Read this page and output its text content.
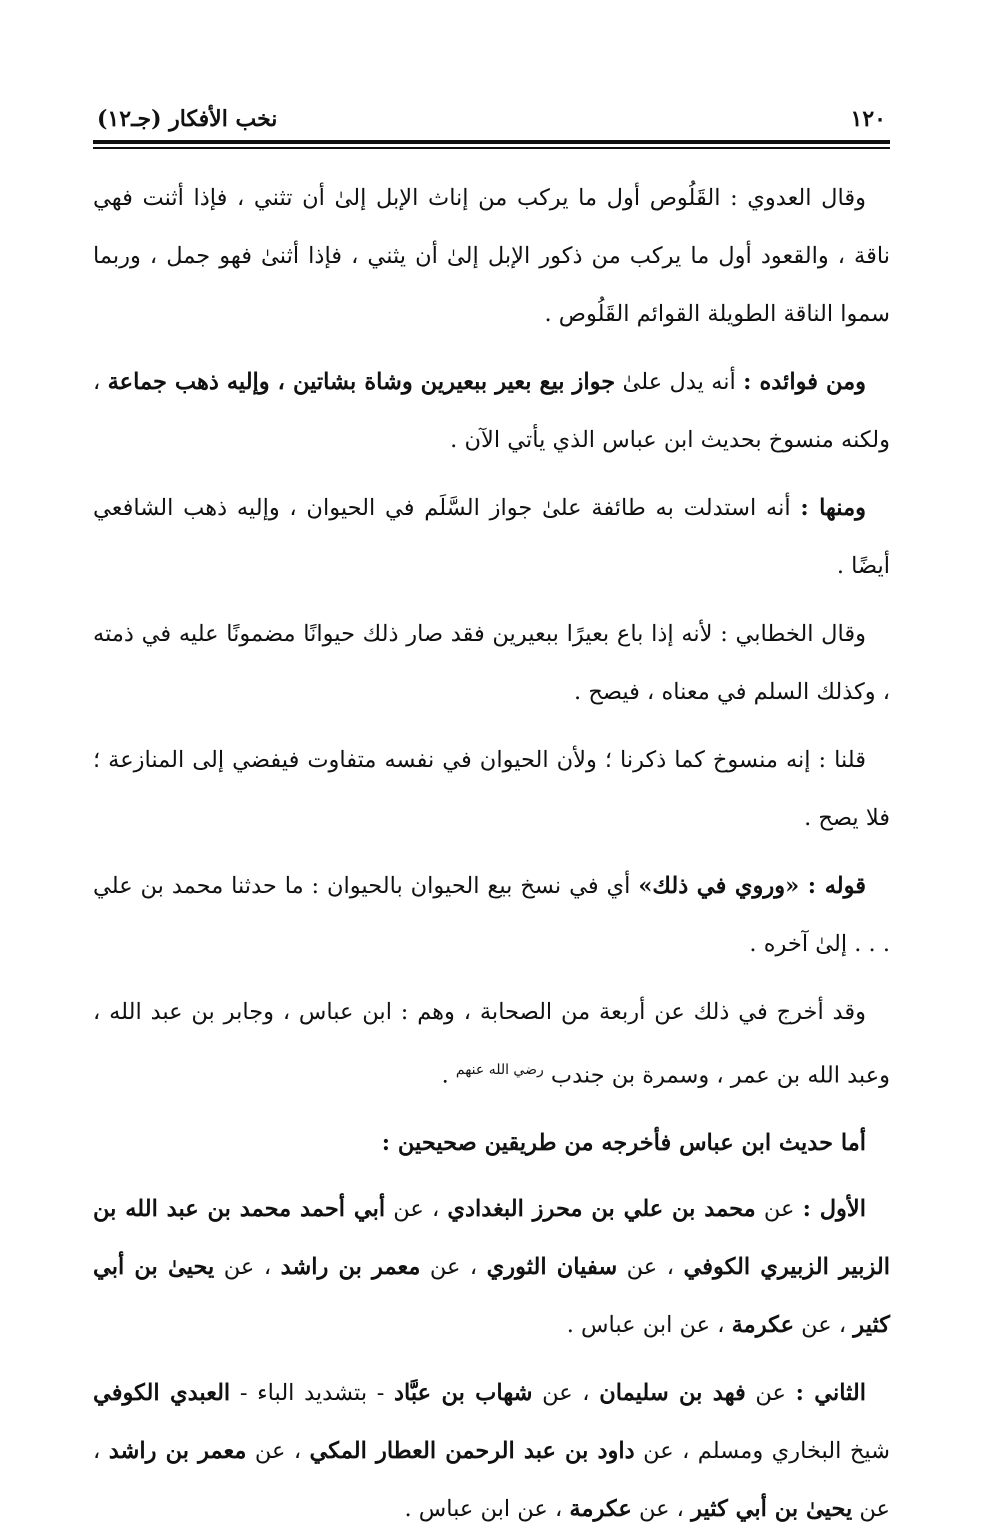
١٢٠
نخب الأفكار (جـ١٢)

وقال العدوي : القَلُوص أول ما يركب من إناث الإبل إلىٰ أن تثني ، فإذا أثنت فهي ناقة ، والقعود أول ما يركب من ذكور الإبل إلىٰ أن يثني ، فإذا أثنىٰ فهو جمل ، وربما سموا الناقة الطويلة القوائم القَلُوص .

ومن فوائده : أنه يدل علىٰ جواز بيع بعير ببعيرين وشاة بشاتين ، وإليه ذهب جماعة ، ولكنه منسوخ بحديث ابن عباس الذي يأتي الآن .

ومنها : أنه استدلت به طائفة علىٰ جواز السَّلَم في الحيوان ، وإليه ذهب الشافعي أيضًا .

وقال الخطابي : لأنه إذا باع بعيرًا ببعيرين فقد صار ذلك حيوانًا مضمونًا عليه في ذمته ، وكذلك السلم في معناه ، فيصح .

قلنا : إنه منسوخ كما ذكرنا ؛ ولأن الحيوان في نفسه متفاوت فيفضي إلى المنازعة ؛ فلا يصح .

قوله : «وروي في ذلك» أي في نسخ بيع الحيوان بالحيوان : ما حدثنا محمد بن علي . . . إلىٰ آخره .

وقد أخرج في ذلك عن أربعة من الصحابة ، وهم : ابن عباس ، وجابر بن عبد الله ، وعبد الله بن عمر ، وسمرة بن جندب $^{رضي الله عنهم}$ .

أما حديث ابن عباس فأخرجه من طريقين صحيحين :

الأول : عن محمد بن علي بن محرز البغدادي ، عن أبي أحمد محمد بن عبد الله بن الزبير الزبيري الكوفي ، عن سفيان الثوري ، عن معمر بن راشد ، عن يحيىٰ بن أبي كثير ، عن عكرمة ، عن ابن عباس .

الثاني : عن فهد بن سليمان ، عن شهاب بن عبَّاد - بتشديد الباء - العبدي الكوفي شيخ البخاري ومسلم ، عن داود بن عبد الرحمن العطار المكي ، عن معمر بن راشد ، عن يحيىٰ بن أبي كثير ، عن عكرمة ، عن ابن عباس .
